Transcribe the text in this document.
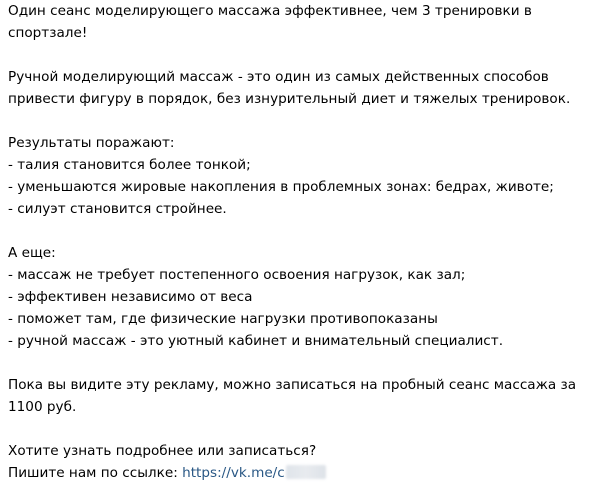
Один сеанс моделирующего массажа эффективнее, чем 3 тренировки в
спортзале!
Ручной моделирующий массаж - это один из самых действенных способов
привести фигуру в порядок, без изнурительный диет и тяжелых тренировок.
Результаты поражают:
- талия становится более тонкой;
- уменьшаются жировые накопления в проблемных зонах: бедрах, животе;
- силуэт становится стройнее.
А еще:
- массаж не требует постепенного освоения нагрузок, как зал;
- эффективен независимо от веса
- поможет там, где физические нагрузки противопоказаны
- ручной массаж - это уютный кабинет и внимательный специалист.
Пока вы видите эту рекламу, можно записаться на пробный сеанс массажа за
1100 руб.
Хотите узнать подробнее или записаться?
Пишите нам по ссылке: https://vk.me/c
